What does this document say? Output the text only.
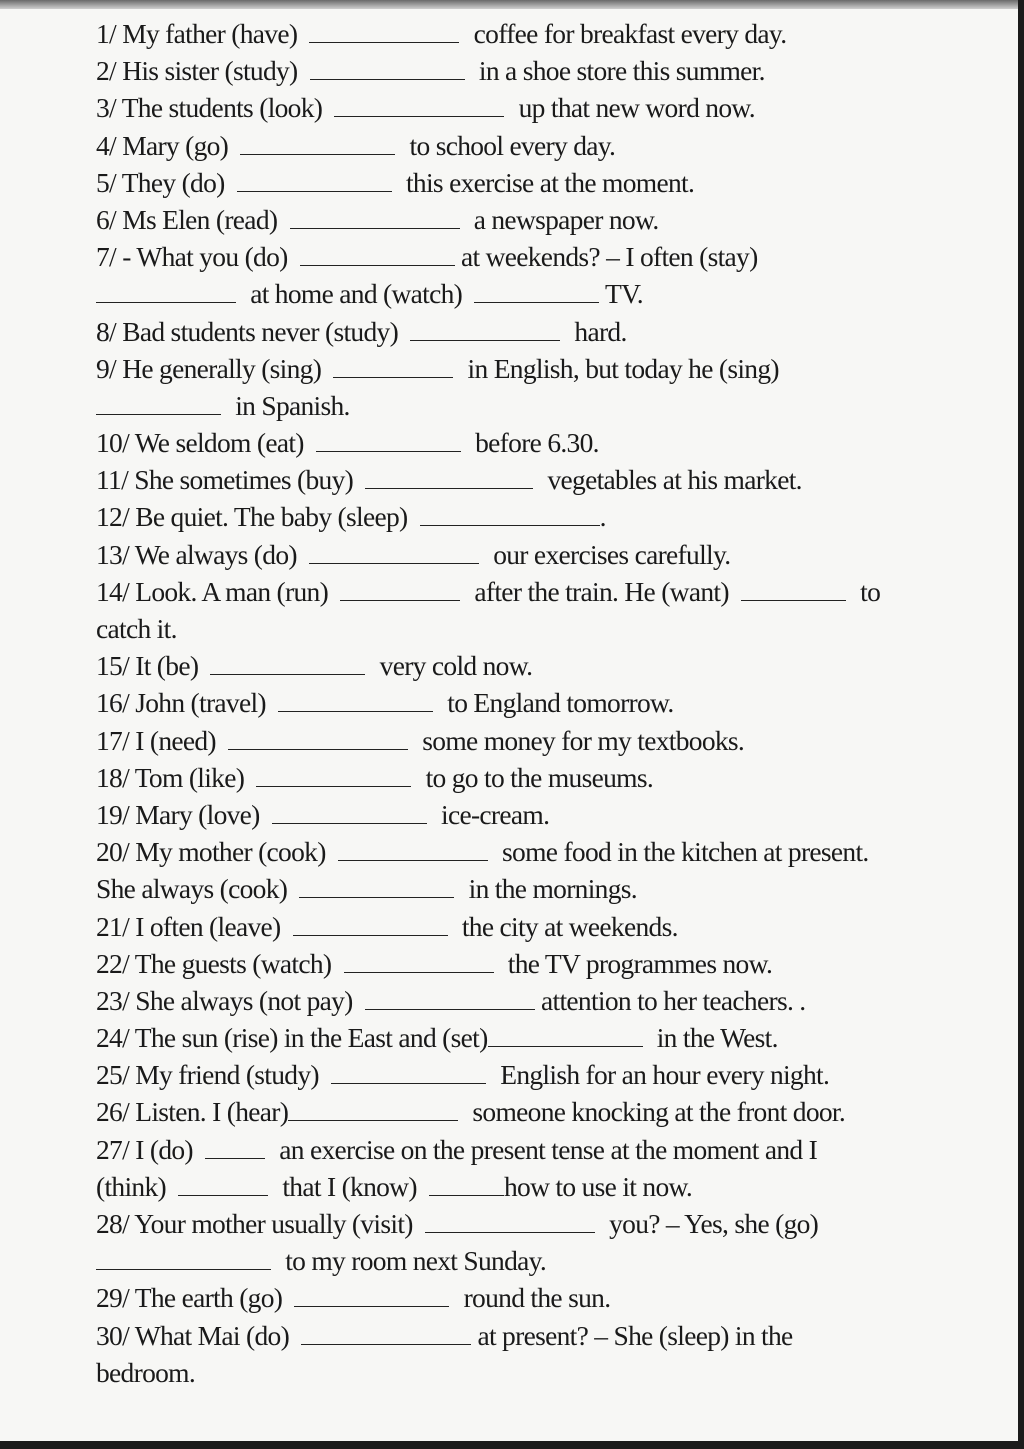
1/ My father (have)	coffee for breakfast every day.
2/ His sister (study)	in a shoe store this summer.
3/ The students (look)	up that new word now.
4/ Mary (go)	to school every day.
5/ They (do)	this exercise at the moment.
6/ Ms Elen (read)	a newspaper now.
7/ - What you (do)	at weekends? – I often (stay)
at home and (watch)	TV.
8/ Bad students never (study)	hard.
9/ He generally (sing)	in English, but today he (sing)
in Spanish.
10/ We seldom (eat)	before 6.30.
11/ She sometimes (buy)	vegetables at his market.
12/ Be quiet. The baby (sleep)	.
13/ We always (do)	our exercises carefully.
14/ Look. A man (run)	after the train. He (want)	to
catch it.
15/ It (be)	very cold now.
16/ John (travel)	to England tomorrow.
17/ I (need)	some money for my textbooks.
18/ Tom (like)	to go to the museums.
19/ Mary (love)	ice-cream.
20/ My mother (cook)	some food in the kitchen at present.
She always (cook)	in the mornings.
21/ I often (leave)	the city at weekends.
22/ The guests (watch)	the TV programmes now.
23/ She always (not pay)	attention to her teachers. .
24/ The sun (rise) in the East and (set)	in the West.
25/ My friend (study)	English for an hour every night.
26/ Listen. I (hear)	someone knocking at the front door.
27/ I (do)	an exercise on the present tense at the moment and I
(think)	that I (know)	how to use it now.
28/ Your mother usually (visit)	you? – Yes, she (go)
to my room next Sunday.
29/ The earth (go)	round the sun.
30/ What Mai (do)	at present? – She (sleep) in the
bedroom.
